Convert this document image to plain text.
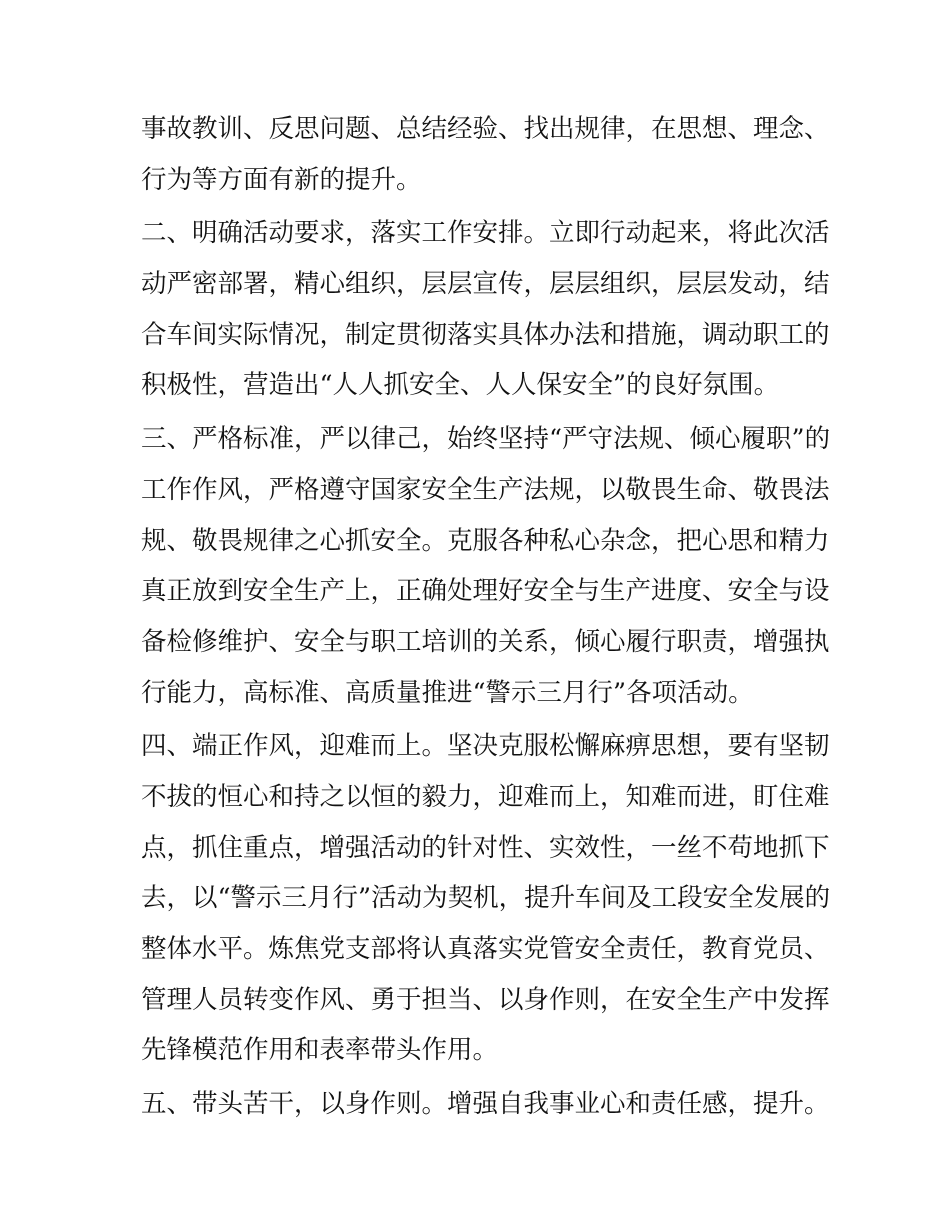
事故教训、反思问题、总结经验、找出规律，在思想、理念、
行为等方面有新的提升。
二、明确活动要求，落实工作安排。立即行动起来，将此次活
动严密部署，精心组织，层层宣传，层层组织，层层发动，结
合车间实际情况，制定贯彻落实具体办法和措施，调动职工的
积极性，营造出“人人抓安全、人人保安全”的良好氛围。
三、严格标准，严以律己，始终坚持“严守法规、倾心履职”的
工作作风，严格遵守国家安全生产法规，以敬畏生命、敬畏法
规、敬畏规律之心抓安全。克服各种私心杂念，把心思和精力
真正放到安全生产上，正确处理好安全与生产进度、安全与设
备检修维护、安全与职工培训的关系，倾心履行职责，增强执
行能力，高标准、高质量推进“警示三月行”各项活动。
四、端正作风，迎难而上。坚决克服松懈麻痹思想，要有坚韧
不拔的恒心和持之以恒的毅力，迎难而上，知难而进，盯住难
点，抓住重点，增强活动的针对性、实效性，一丝不苟地抓下
去，以“警示三月行”活动为契机，提升车间及工段安全发展的
整体水平。炼焦党支部将认真落实党管安全责任，教育党员、
管理人员转变作风、勇于担当、以身作则，在安全生产中发挥
先锋模范作用和表率带头作用。
五、带头苦干，以身作则。增强自我事业心和责任感，提升。
